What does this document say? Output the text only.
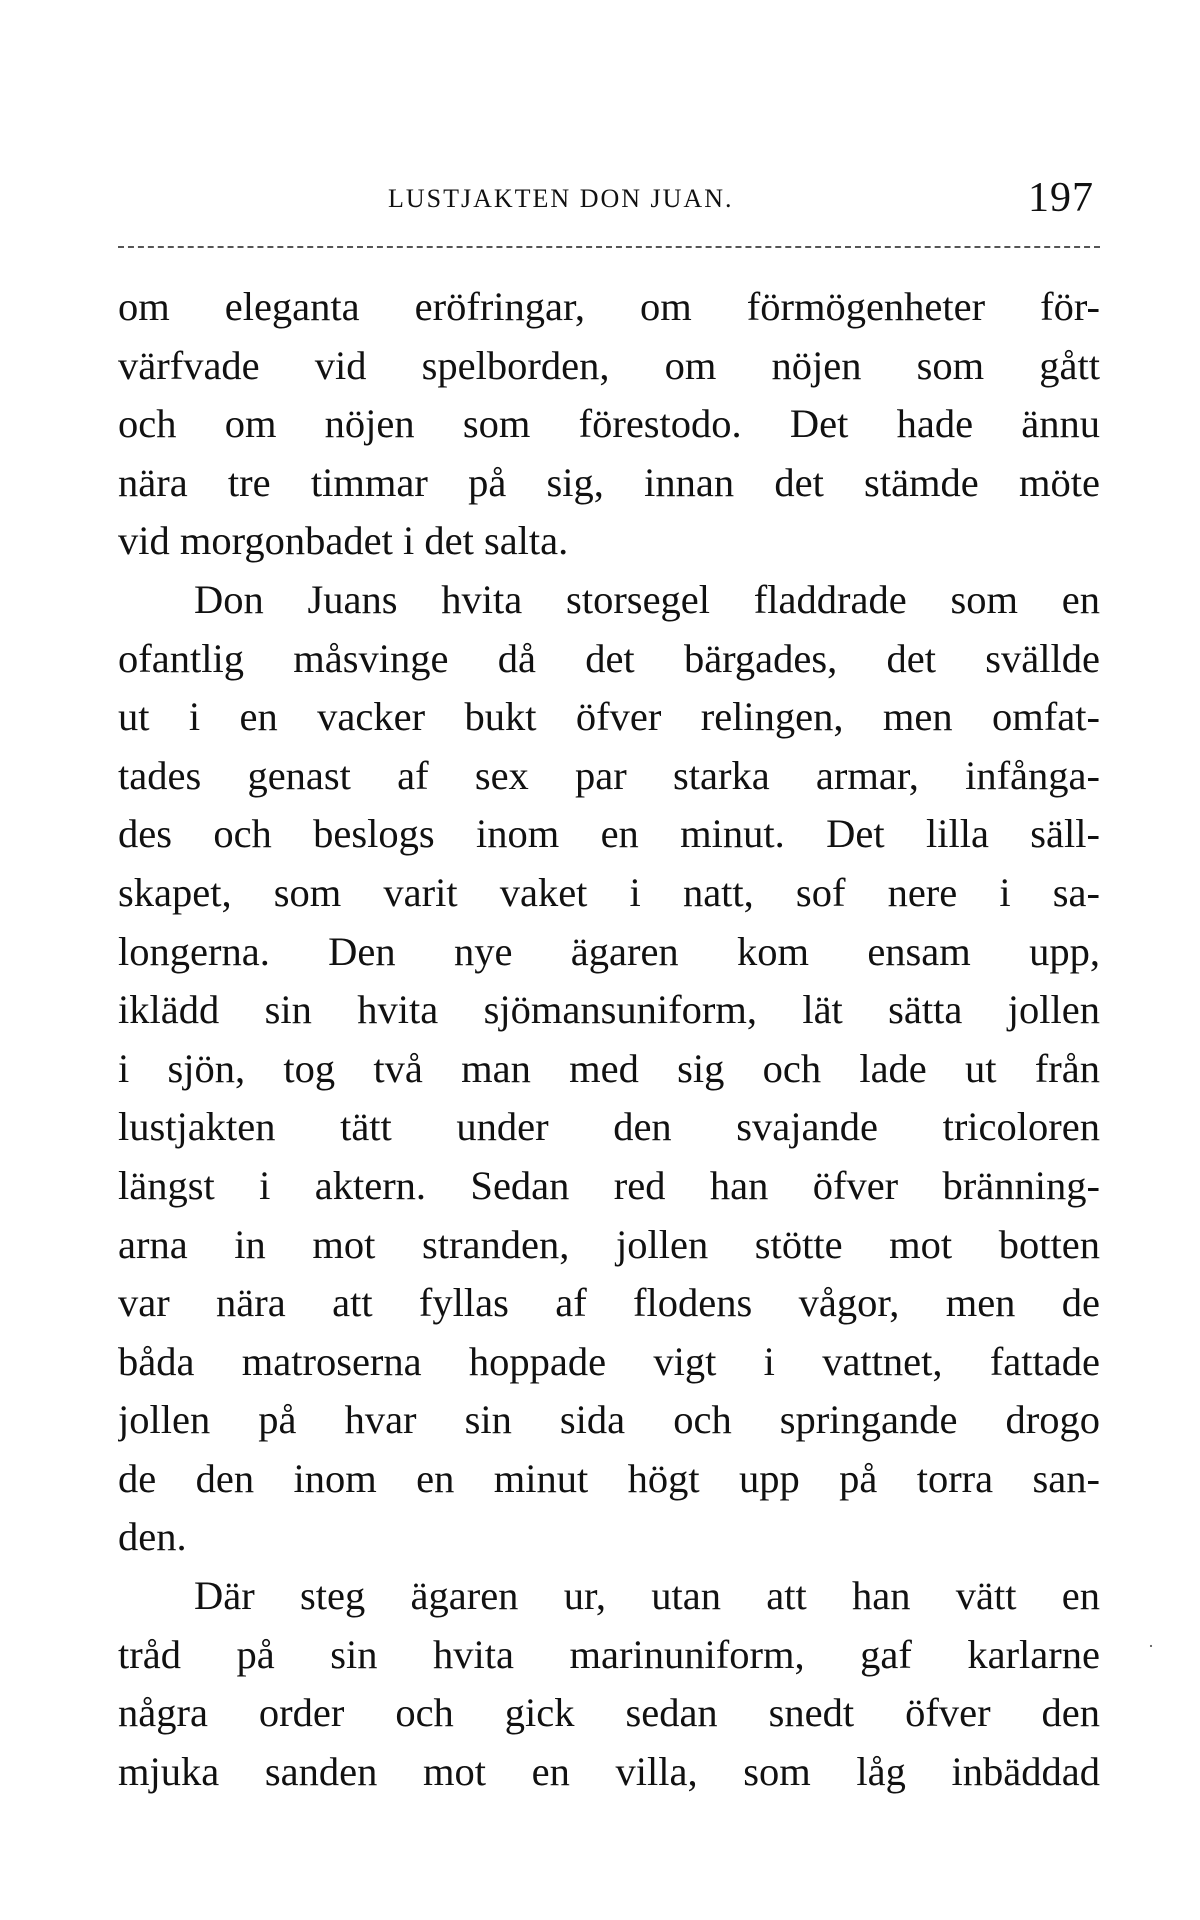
LUSTJAKTEN DON JUAN.	197
om eleganta eröfringar, om förmögenheter för-
värfvade vid spelborden, om nöjen som gått
och om nöjen som förestodo. Det hade ännu
nära tre timmar på sig, innan det stämde möte
vid morgonbadet i det salta.
Don Juans hvita storsegel fladdrade som en
ofantlig måsvinge då det bärgades, det svällde
ut i en vacker bukt öfver relingen, men omfat-
tades genast af sex par starka armar, infånga-
des och beslogs inom en minut. Det lilla säll-
skapet, som varit vaket i natt, sof nere i sa-
longerna. Den nye ägaren kom ensam upp,
iklädd sin hvita sjömansuniform, lät sätta jollen
i sjön, tog två man med sig och lade ut från
lustjakten tätt under den svajande tricoloren
längst i aktern. Sedan red han öfver bränning-
arna in mot stranden, jollen stötte mot botten
var nära att fyllas af flodens vågor, men de
båda matroserna hoppade vigt i vattnet, fattade
jollen på hvar sin sida och springande drogo
de den inom en minut högt upp på torra san-
den.
Där steg ägaren ur, utan att han vätt en
tråd på sin hvita marinuniform, gaf karlarne
några order och gick sedan snedt öfver den
mjuka sanden mot en villa, som låg inbäddad
·
